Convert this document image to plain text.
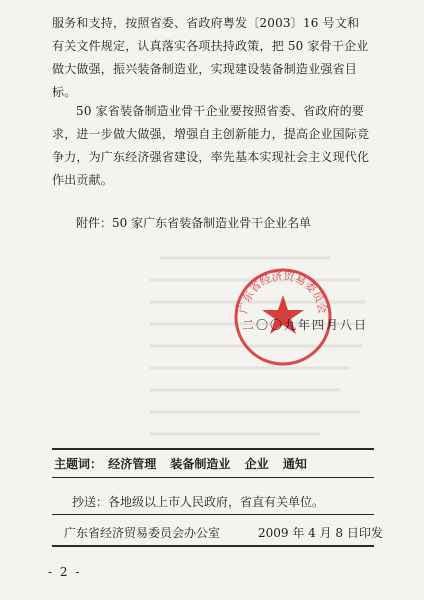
服务和支持，按照省委、省政府粤发〔2003〕16 号文和有关文件规定，认真落实各项扶持政策，把 50 家骨干企业做大做强，振兴装备制造业，实现建设装备制造业强省目标。

50 家省装备制造业骨干企业要按照省委、省政府的要求，进一步做大做强，增强自主创新能力，提高企业国际竞争力，为广东经济强省建设，率先基本实现社会主义现代化作出贡献。

附件：50 家广东省装备制造业骨干企业名单
广东省经济贸易委员会
二〇〇九年四月八日
主题词： 经济管理 装备制造业 企业 通知
抄送：各地级以上市人民政府，省直有关单位。
广东省经济贸易委员会办公室	2009 年 4 月 8 日印发
- 2 -
